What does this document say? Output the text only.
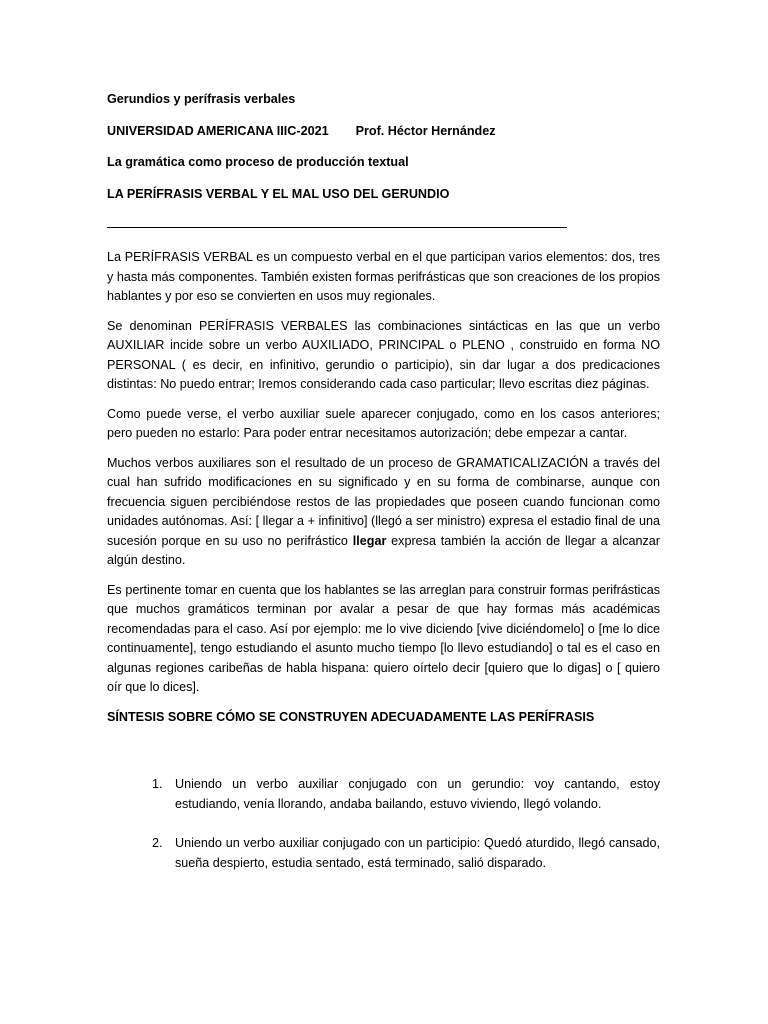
Gerundios y perífrasis verbales
UNIVERSIDAD AMERICANA IIIC-2021 Prof. Héctor Hernández
La gramática como proceso de producción textual
LA PERÍFRASIS VERBAL Y EL MAL USO DEL GERUNDIO

La PERÍFRASIS VERBAL es un compuesto verbal en el que participan varios elementos: dos, tres y hasta más componentes. También existen formas perifrásticas que son creaciones de los propios hablantes y por eso se convierten en usos muy regionales.

Se denominan PERÍFRASIS VERBALES las combinaciones sintácticas en las que un verbo AUXILIAR incide sobre un verbo AUXILIADO, PRINCIPAL o PLENO , construido en forma NO PERSONAL ( es decir, en infinitivo, gerundio o participio), sin dar lugar a dos predicaciones distintas: No puedo entrar; Iremos considerando cada caso particular; llevo escritas diez páginas.

Como puede verse, el verbo auxiliar suele aparecer conjugado, como en los casos anteriores; pero pueden no estarlo: Para poder entrar necesitamos autorización; debe empezar a cantar.

Muchos verbos auxiliares son el resultado de un proceso de GRAMATICALIZACIÓN a través del cual han sufrido modificaciones en su significado y en su forma de combinarse, aunque con frecuencia siguen percibiéndose restos de las propiedades que poseen cuando funcionan como unidades autónomas. Así: [ llegar a + infinitivo] (llegó a ser ministro) expresa el estadio final de una sucesión porque en su uso no perifrástico llegar expresa también la acción de llegar a alcanzar algún destino.

Es pertinente tomar en cuenta que los hablantes se las arreglan para construir formas perifrásticas que muchos gramáticos terminan por avalar a pesar de que hay formas más académicas recomendadas para el caso. Así por ejemplo: me lo vive diciendo [vive diciéndomelo] o [me lo dice continuamente], tengo estudiando el asunto mucho tiempo [lo llevo estudiando] o tal es el caso en algunas regiones caribeñas de habla hispana: quiero oírtelo decir [quiero que lo digas] o [ quiero oír que lo dices].

SÍNTESIS SOBRE CÓMO SE CONSTRUYEN ADECUADAMENTE LAS PERÍFRASIS
1. Uniendo un verbo auxiliar conjugado con un gerundio: voy cantando, estoy estudiando, venía llorando, andaba bailando, estuvo viviendo, llegó volando.
2. Uniendo un verbo auxiliar conjugado con un participio: Quedó aturdido, llegó cansado, sueña despierto, estudia sentado, está terminado, salió disparado.
